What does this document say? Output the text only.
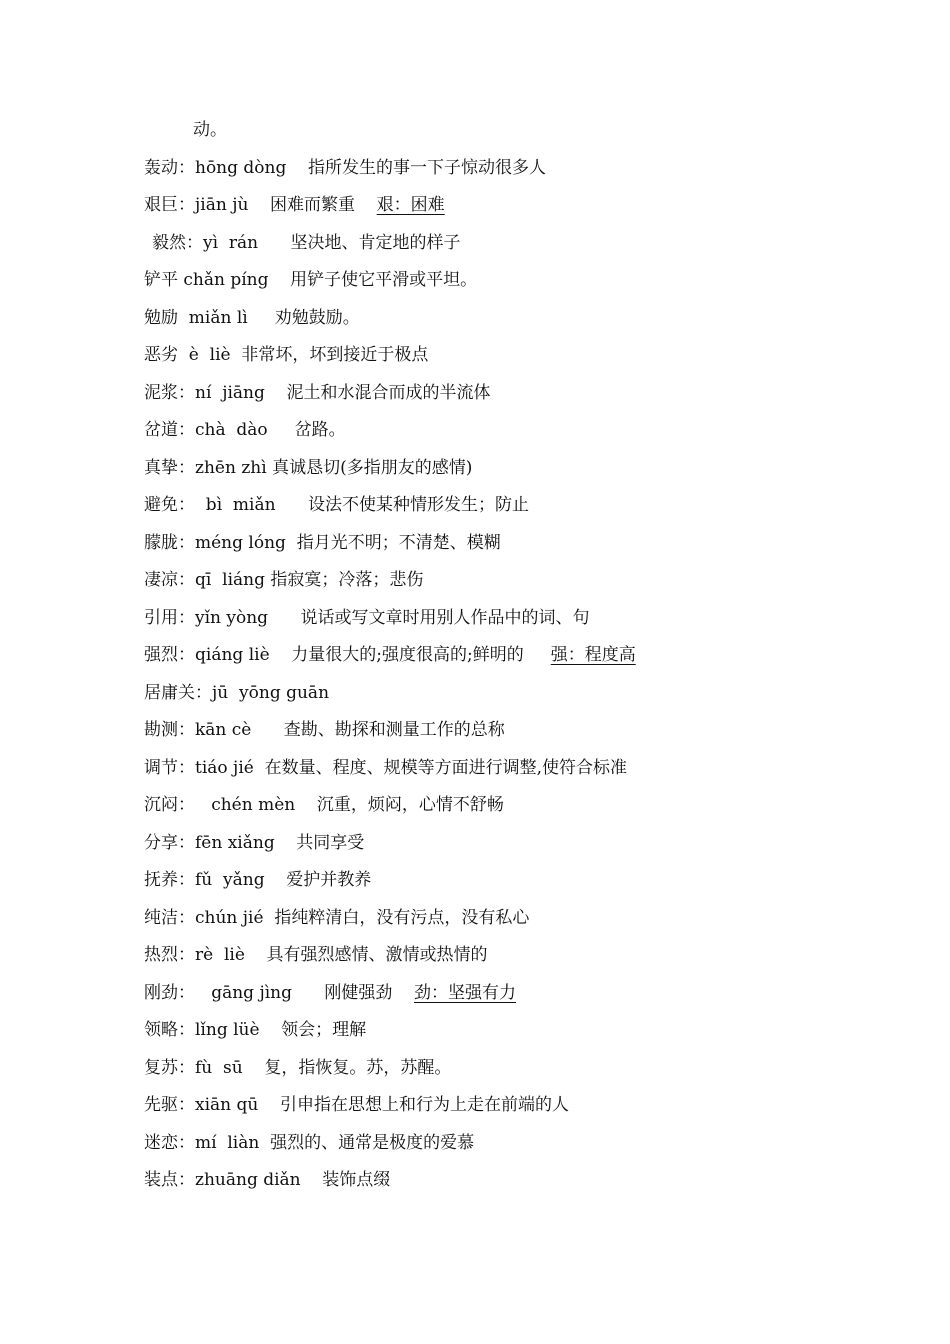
动。
轰动：hōng dòng    指所发生的事一下子惊动很多人
艰巨：jiān jù    困难而繁重    艰：困难
毅然：yì  rán      坚决地、肯定地的样子
铲平 chǎn píng    用铲子使它平滑或平坦。
勉励  miǎn lì     劝勉鼓励。
恶劣  è  liè  非常坏，坏到接近于极点
泥浆：ní  jiāng    泥土和水混合而成的半流体
岔道：chà  dào     岔路。
真挚：zhēn zhì 真诚恳切(多指朋友的感情)
避免：  bì  miǎn      设法不使某种情形发生；防止
朦胧：méng lóng  指月光不明；不清楚、模糊
凄凉：qī  liáng 指寂寞；冷落；悲伤
引用：yǐn yòng      说话或写文章时用别人作品中的词、句
强烈：qiáng liè    力量很大的;强度很高的;鲜明的     强：程度高
居庸关：jū  yōng guān
勘测：kān cè      查勘、勘探和测量工作的总称
调节：tiáo jié  在数量、程度、规模等方面进行调整,使符合标准
沉闷：   chén mèn    沉重，烦闷，心情不舒畅
分享：fēn xiǎng    共同享受
抚养：fǔ  yǎng    爱护并教养
纯洁：chún jié  指纯粹清白，没有污点，没有私心
热烈：rè  liè    具有强烈感情、激情或热情的
刚劲：   gāng jìng      刚健强劲    劲：坚强有力
领略：lǐng lüè    领会；理解
复苏：fù  sū    复，指恢复。苏，苏醒。
先驱：xiān qū    引申指在思想上和行为上走在前端的人
迷恋：mí  liàn  强烈的、通常是极度的爱慕
装点：zhuāng diǎn    装饰点缀
